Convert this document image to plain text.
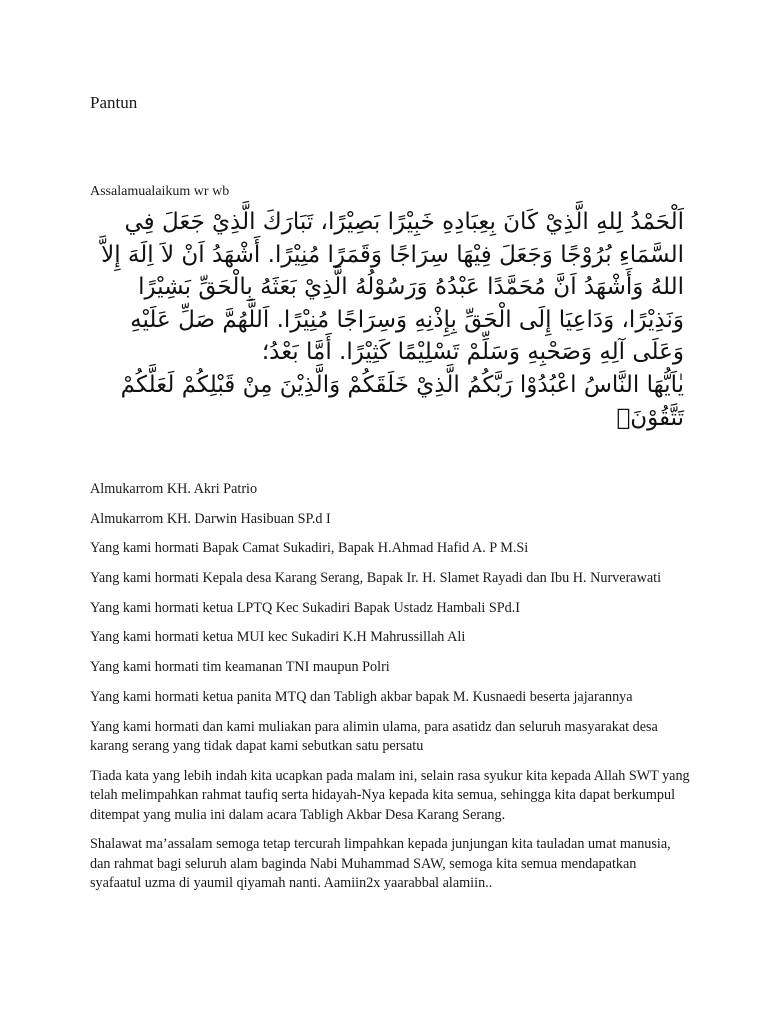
Pantun
Assalamualaikum wr wb

اَلْحَمْدُ لِلهِ الَّذِيْ كَانَ بِعِبَادِهِ خَبِيْرًا بَصِيْرًا، تَبَارَكَ الَّذِيْ جَعَلَ فِي السَّمَاءِ بُرُوْجًا وَجَعَلَ فِيْهَا سِرَاجًا وَقَمَرًا مُنِيْرًا. أَشْهَدُ اَنْ لاَ اِلَهَ إِلاَّ اللهُ وَأَشْهَدُ اَنَّ مُحَمَّدًا عَبْدُهُ وَرَسُوْلُهُ الَّذِيْ بَعَثَهُ بِالْحَقِّ بَشِيْرًا وَنَذِيْرًا، وَدَاعِيَا إِلَى الْحَقِّ بِإِذْنِهِ وَسِرَاجًا مُنِيْرًا. اَللَّهُمَّ صَلِّ عَلَيْهِ وَعَلَى آلِهِ وَصَحْبِهِ وَسَلِّمْ تَسْلِيْمًا كَثِيْرًا. أَمَّا بَعْدُ؛

يٰاَيُّهَا النَّاسُ اعْبُدُوْا رَبَّكُمُ الَّذِيْ خَلَقَكُمْ وَالَّذِيْنَ مِنْ قَبْلِكُمْ لَعَلَّكُمْ تَتَّقُوْنَۙ

Almukarrom KH. Akri Patrio

Almukarrom KH. Darwin Hasibuan SP.d I

Yang kami hormati Bapak Camat Sukadiri, Bapak H.Ahmad Hafid A. P M.Si

Yang kami hormati Kepala desa Karang Serang, Bapak Ir. H. Slamet Rayadi dan Ibu H. Nurverawati

Yang kami hormati ketua LPTQ Kec Sukadiri Bapak Ustadz Hambali SPd.I

Yang kami hormati ketua MUI kec Sukadiri K.H Mahrussillah Ali

Yang kami hormati tim keamanan TNI maupun Polri

Yang kami hormati ketua panita MTQ dan Tabligh akbar bapak M. Kusnaedi beserta jajarannya

Yang kami hormati dan kami muliakan para alimin ulama, para asatidz dan seluruh masyarakat desa karang serang yang tidak dapat kami sebutkan satu persatu

Tiada kata yang lebih indah kita ucapkan pada malam ini, selain rasa syukur kita kepada Allah SWT yang telah melimpahkan rahmat taufiq serta hidayah-Nya kepada kita semua, sehingga kita dapat berkumpul ditempat yang mulia ini dalam acara Tabligh Akbar Desa Karang Serang.

Shalawat ma’assalam semoga tetap tercurah limpahkan kepada junjungan kita tauladan umat manusia, dan rahmat bagi seluruh alam baginda Nabi Muhammad SAW, semoga kita semua mendapatkan syafaatul uzma di yaumil qiyamah nanti. Aamiin2x yaarabbal alamiin..
